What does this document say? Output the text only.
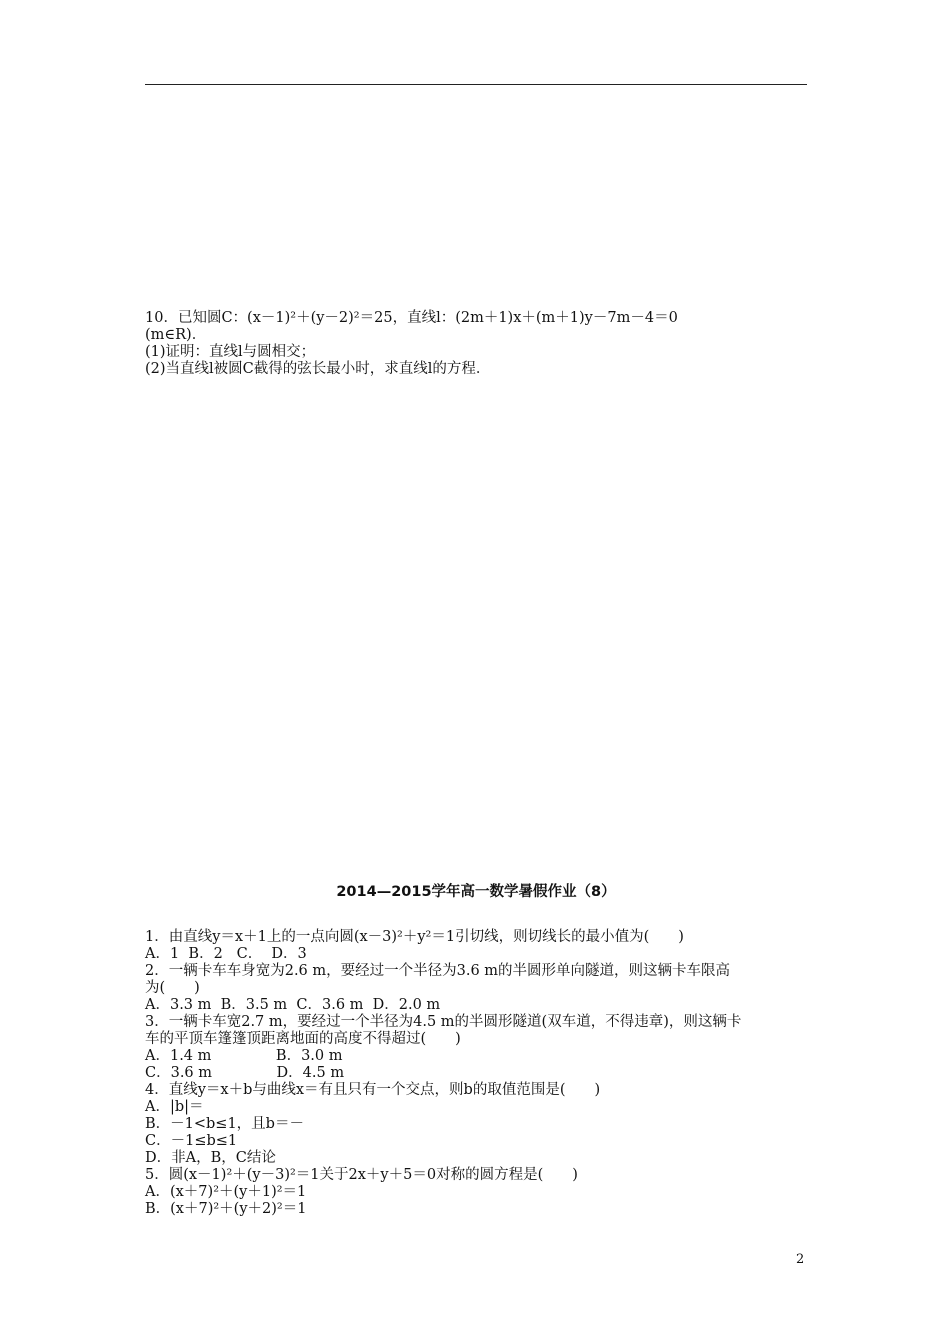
10．已知圆C：(x－1)²＋(y－2)²＝25，直线l：(2m＋1)x＋(m＋1)y－7m－4＝0
(m∈R)．
(1)证明：直线l与圆相交；
(2)当直线l被圆C截得的弦长最小时，求直线l的方程．
2014—2015学年高一数学暑假作业（8）
1．由直线y＝x＋1上的一点向圆(x－3)²＋y²＝1引切线，则切线长的最小值为(　　)
A．1  B．2   C．  D．3
2．一辆卡车车身宽为2.6 m，要经过一个半径为3.6 m的半圆形单向隧道，则这辆卡车限高
为(　　)
A．3.3 m  B．3.5 m  C．3.6 m  D．2.0 m
3．一辆卡车宽2.7 m，要经过一个半径为4.5 m的半圆形隧道(双车道，不得违章)，则这辆卡
车的平顶车篷篷顶距离地面的高度不得超过(　　)
A．1.4 m              B．3.0 m
C．3.6 m              D．4.5 m
4．直线y＝x＋b与曲线x＝有且只有一个交点，则b的取值范围是(　　)
A．|b|＝
B．－1<b≤1，且b＝－
C．－1≤b≤1
D．非A，B，C结论
5．圆(x－1)²＋(y－3)²＝1关于2x＋y＋5＝0对称的圆方程是(　　)
A．(x＋7)²＋(y＋1)²＝1
B．(x＋7)²＋(y＋2)²＝1
2
